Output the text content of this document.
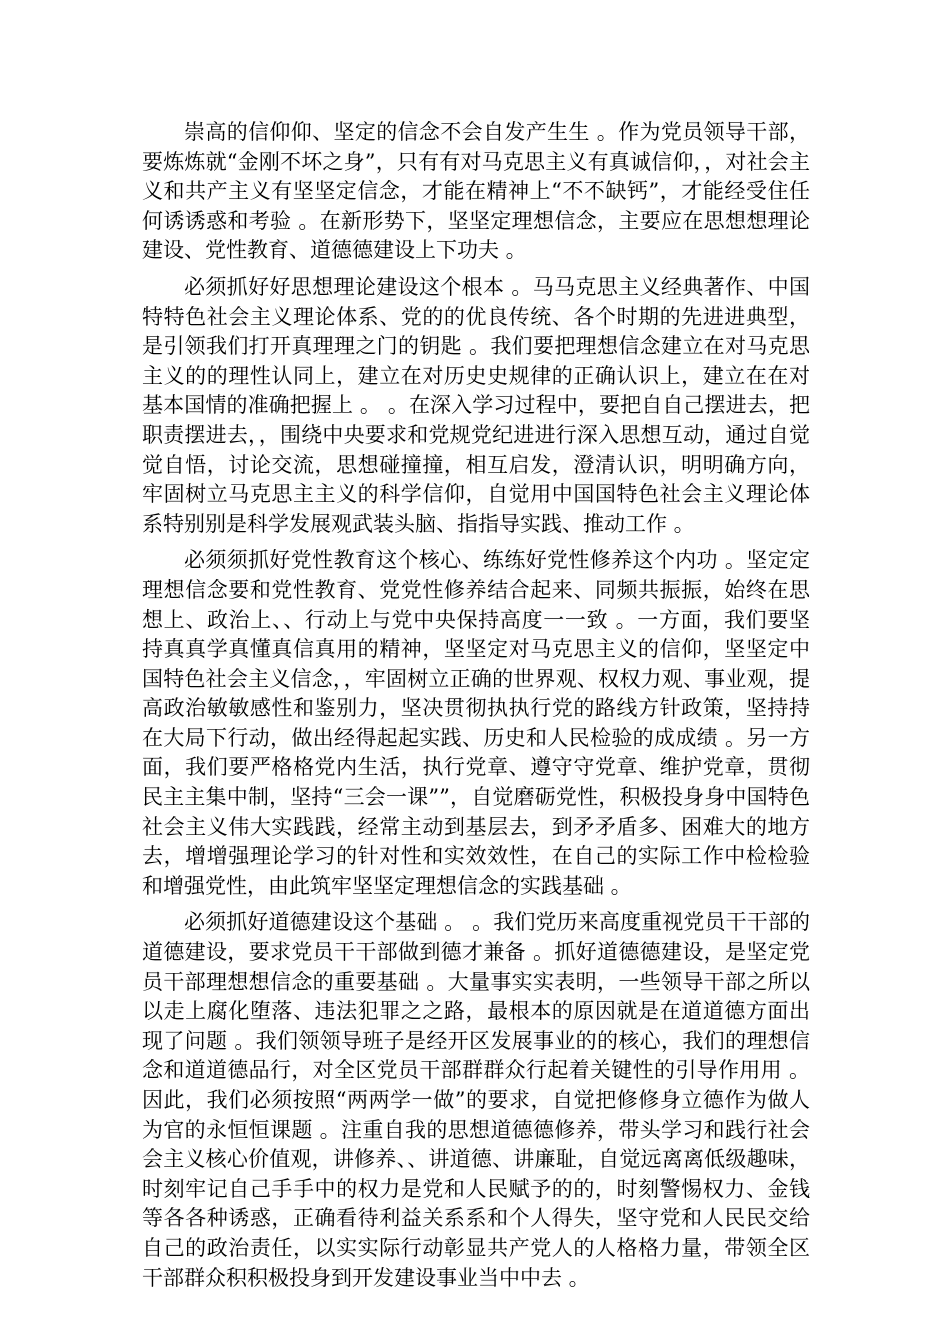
崇高的信仰仰、坚定的信念不会自发产生生 。作为党员领导干部，要炼炼就“金刚不坏之身”，只有有对马克思主义有真诚信仰，，对社会主义和共产主义有坚坚定信念，才能在精神上“不不缺钙”，才能经受住任何诱诱惑和考验 。在新形势下，坚坚定理想信念，主要应在思想想理论建设、党性教育、道德德建设上下功夫 。

必须抓好好思想理论建设这个根本 。马马克思主义经典著作、中国特特色社会主义理论体系、党的的优良传统、各个时期的先进进典型，是引领我们打开真理理之门的钥匙 。我们要把理想信念建立在对马克思主义的的理性认同上，建立在对历史史规律的正确认识上，建立在在对基本国情的准确把握上 。 。在深入学习过程中，要把自自己摆进去，把职责摆进去，，围绕中央要求和党规党纪进进行深入思想互动，通过自觉觉自悟，讨论交流，思想碰撞撞，相互启发，澄清认识，明明确方向，牢固树立马克思主主义的科学信仰，自觉用中国国特色社会主义理论体系特别别是科学发展观武装头脑、指指导实践、推动工作 。

必须须抓好党性教育这个核心、练练好党性修养这个内功 。坚定定理想信念要和党性教育、党党性修养结合起来、同频共振振，始终在思想上、政治上、、行动上与党中央保持高度一一致 。一方面，我们要坚持真真学真懂真信真用的精神，坚坚定对马克思主义的信仰，坚坚定中国特色社会主义信念，，牢固树立正确的世界观、权权力观、事业观，提高政治敏敏感性和鉴别力，坚决贯彻执执行党的路线方针政策，坚持持在大局下行动，做出经得起起实践、历史和人民检验的成成绩 。另一方面，我们要严格格党内生活，执行党章、遵守守党章、维护党章，贯彻民主主集中制，坚持“三会一课””，自觉磨砺党性，积极投身身中国特色社会主义伟大实践践，经常主动到基层去，到矛矛盾多、困难大的地方去，增增强理论学习的针对性和实效效性，在自己的实际工作中检检验和增强党性，由此筑牢坚坚定理想信念的实践基础 。

必须抓好道德建设这个基础 。 。我们党历来高度重视党员干干部的道德建设，要求党员干干部做到德才兼备 。抓好道德德建设，是坚定党员干部理想想信念的重要基础 。大量事实实表明，一些领导干部之所以以走上腐化堕落、违法犯罪之之路，最根本的原因就是在道道德方面出现了问题 。我们领领导班子是经开区发展事业的的核心，我们的理想信念和道道德品行，对全区党员干部群群众行起着关键性的引导作用用 。因此，我们必须按照“两两学一做”的要求，自觉把修修身立德作为做人为官的永恒恒课题 。注重自我的思想道德德修养，带头学习和践行社会会主义核心价值观，讲修养、、讲道德、讲廉耻，自觉远离离低级趣味，时刻牢记自己手手中的权力是党和人民赋予的的，时刻警惕权力、金钱等各各种诱惑，正确看待利益关系系和个人得失，坚守党和人民民交给自己的政治责任，以实实际行动彰显共产党人的人格格力量，带领全区干部群众积积极投身到开发建设事业当中中去 。
